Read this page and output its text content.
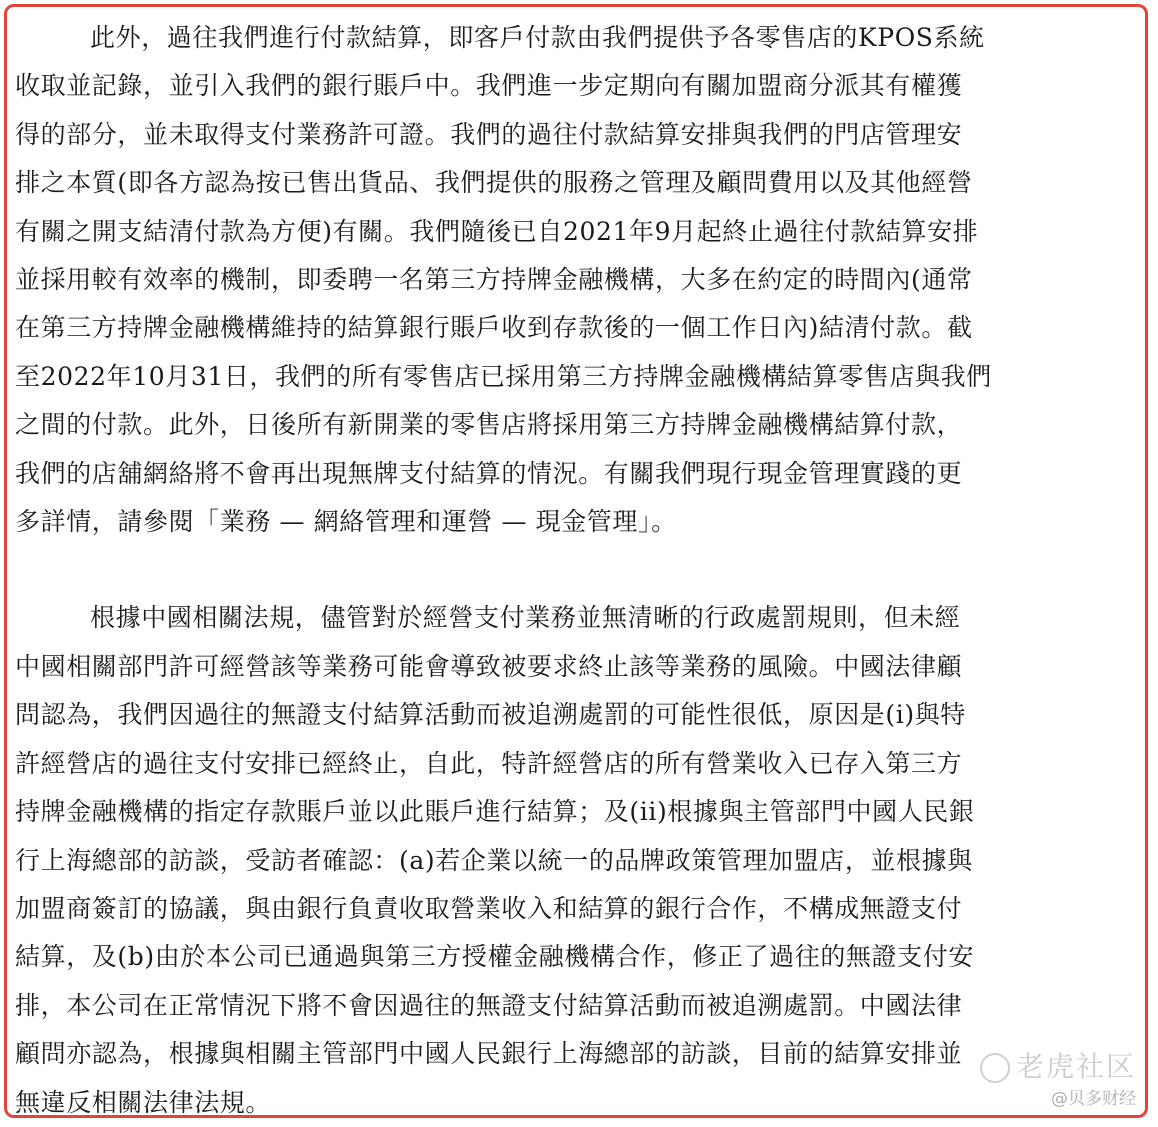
此外，過往我們進行付款結算，即客戶付款由我們提供予各零售店的KPOS系統
收取並記錄，並引入我們的銀行賬戶中。我們進一步定期向有關加盟商分派其有權獲
得的部分，並未取得支付業務許可證。我們的過往付款結算安排與我們的門店管理安
排之本質(即各方認為按已售出貨品、我們提供的服務之管理及顧問費用以及其他經營
有關之開支結清付款為方便)有關。我們隨後已自2021年9月起終止過往付款結算安排
並採用較有效率的機制，即委聘一名第三方持牌金融機構，大多在約定的時間內(通常
在第三方持牌金融機構維持的結算銀行賬戶收到存款後的一個工作日內)結清付款。截
至2022年10月31日，我們的所有零售店已採用第三方持牌金融機構結算零售店與我們
之間的付款。此外，日後所有新開業的零售店將採用第三方持牌金融機構結算付款，
我們的店舖網絡將不會再出現無牌支付結算的情況。有關我們現行現金管理實踐的更
多詳情，請參閱「業務 — 網絡管理和運營 — 現金管理」。

根據中國相關法規，儘管對於經營支付業務並無清晰的行政處罰規則，但未經
中國相關部門許可經營該等業務可能會導致被要求終止該等業務的風險。中國法律顧
問認為，我們因過往的無證支付結算活動而被追溯處罰的可能性很低，原因是(i)與特
許經營店的過往支付安排已經終止，自此，特許經營店的所有營業收入已存入第三方
持牌金融機構的指定存款賬戶並以此賬戶進行結算；及(ii)根據與主管部門中國人民銀
行上海總部的訪談，受訪者確認：(a)若企業以統一的品牌政策管理加盟店，並根據與
加盟商簽訂的協議，與由銀行負責收取營業收入和結算的銀行合作，不構成無證支付
結算，及(b)由於本公司已通過與第三方授權金融機構合作，修正了過往的無證支付安
排，本公司在正常情況下將不會因過往的無證支付結算活動而被追溯處罰。中國法律
顧問亦認為，根據與相關主管部門中國人民銀行上海總部的訪談，目前的結算安排並
無違反相關法律法規。

老虎社区
@贝多财经
